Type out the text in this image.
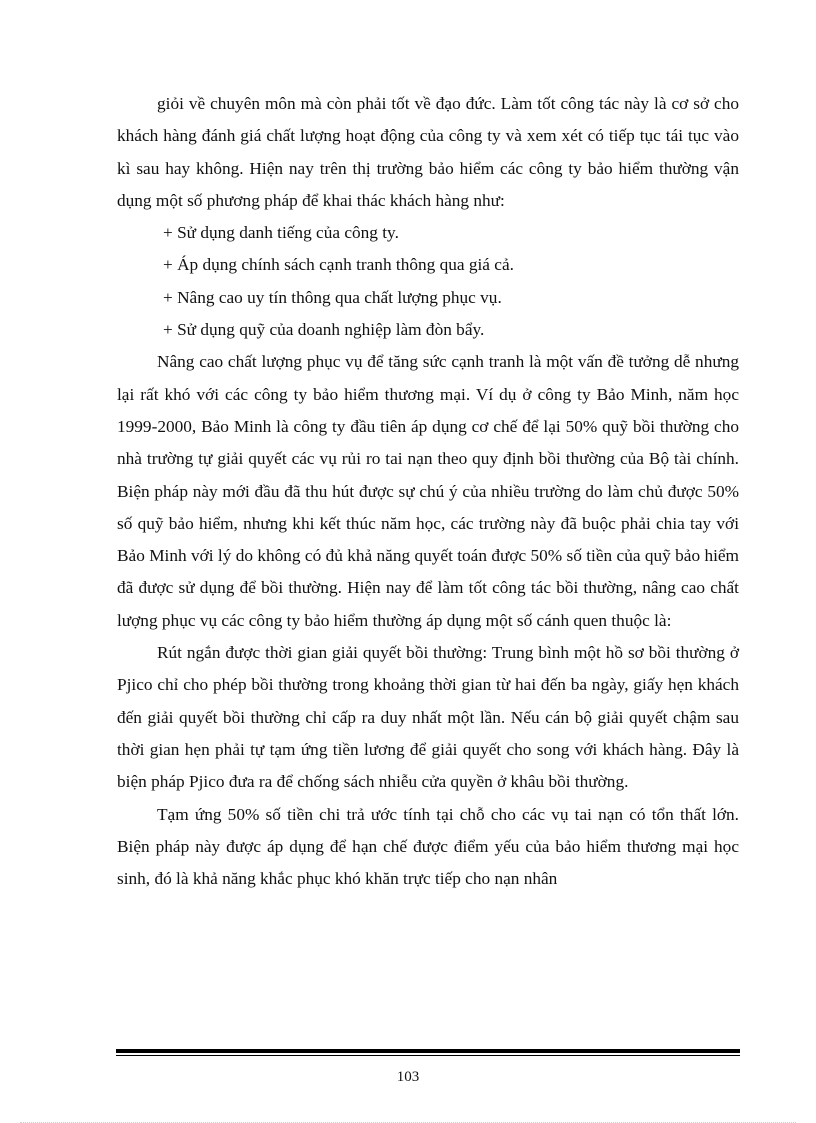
giỏi về chuyên môn mà còn phải tốt về đạo đức. Làm tốt công tác này là cơ sở cho khách hàng đánh giá chất lượng hoạt động của công ty và xem xét có tiếp tục tái tục vào kì sau hay không. Hiện nay trên thị trường bảo hiểm các công ty bảo hiểm thường vận dụng một số phương pháp để khai thác khách hàng như:

+ Sử dụng danh tiếng của công ty.

+ Áp dụng chính sách cạnh tranh thông qua giá cả.

+ Nâng cao uy tín thông qua chất lượng phục vụ.

+ Sử dụng quỹ của doanh nghiệp làm đòn bẩy.

Nâng cao chất lượng phục vụ để tăng sức cạnh tranh là một vấn đề tưởng dễ nhưng lại rất khó với các công ty bảo hiểm thương mại. Ví dụ ở công ty Bảo Minh, năm học 1999-2000, Bảo Minh là công ty đầu tiên áp dụng cơ chế để lại 50% quỹ bồi thường cho nhà trường tự giải quyết các vụ rủi ro tai nạn theo quy định bồi thường của Bộ tài chính. Biện pháp này mới đầu đã thu hút được sự chú ý của nhiều trường do làm chủ được 50% số quỹ bảo hiểm, nhưng khi kết thúc năm học, các trường này đã buộc phải chia tay với Bảo Minh với lý do không có đủ khả năng quyết toán được 50% số tiền của quỹ bảo hiểm đã được sử dụng để bồi thường. Hiện nay để làm tốt công tác bồi thường, nâng cao chất lượng phục vụ các công ty bảo hiểm thường áp dụng một số cánh quen thuộc là:

Rút ngắn được thời gian giải quyết bồi thường: Trung bình một hồ sơ bồi thường ở Pjico chỉ cho phép bồi thường trong khoảng thời gian từ hai đến ba ngày, giấy hẹn khách đến giải quyết bồi thường chỉ cấp ra duy nhất một lần. Nếu cán bộ giải quyết chậm sau thời gian hẹn phải tự tạm ứng tiền lương để giải quyết cho song với khách hàng. Đây là biện pháp Pjico đưa ra để chống sách nhiễu cửa quyền ở khâu bồi thường.

Tạm ứng 50% số tiền chi trả ước tính tại chỗ cho các vụ tai nạn có tổn thất lớn. Biện pháp này được áp dụng để hạn chế được điểm yếu của bảo hiểm thương mại học sinh, đó là khả năng khắc phục khó khăn trực tiếp cho nạn nhân

103
